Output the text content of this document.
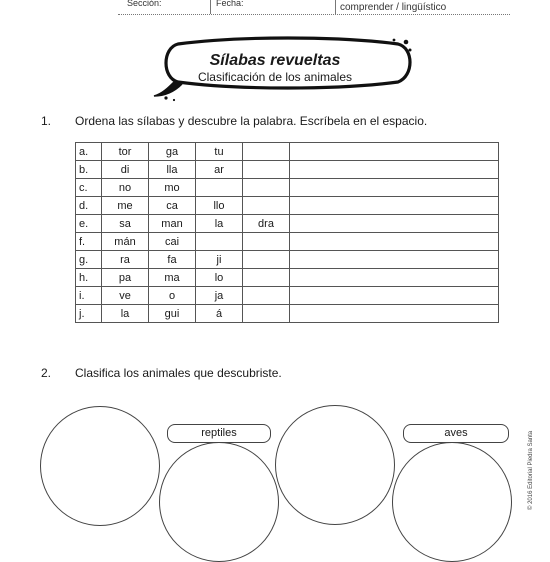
Sección:	Fecha:	comprender / lingüístico
Sílabas revueltas
Clasificación de los animales
1. Ordena las sílabas y descubre la palabra. Escríbela en el espacio.
a.	tor	ga	tu		
b.	di	lla	ar		
c.	no	mo			
d.	me	ca	llo		
e.	sa	man	la	dra	
f.	mán	cai			
g.	ra	fa	ji		
h.	pa	ma	lo		
i.	ve	o	ja		
j.	la	gui	á		
2. Clasifica los animales que descubriste.
reptiles	aves	© 2016 Editorial Piedra Santa
